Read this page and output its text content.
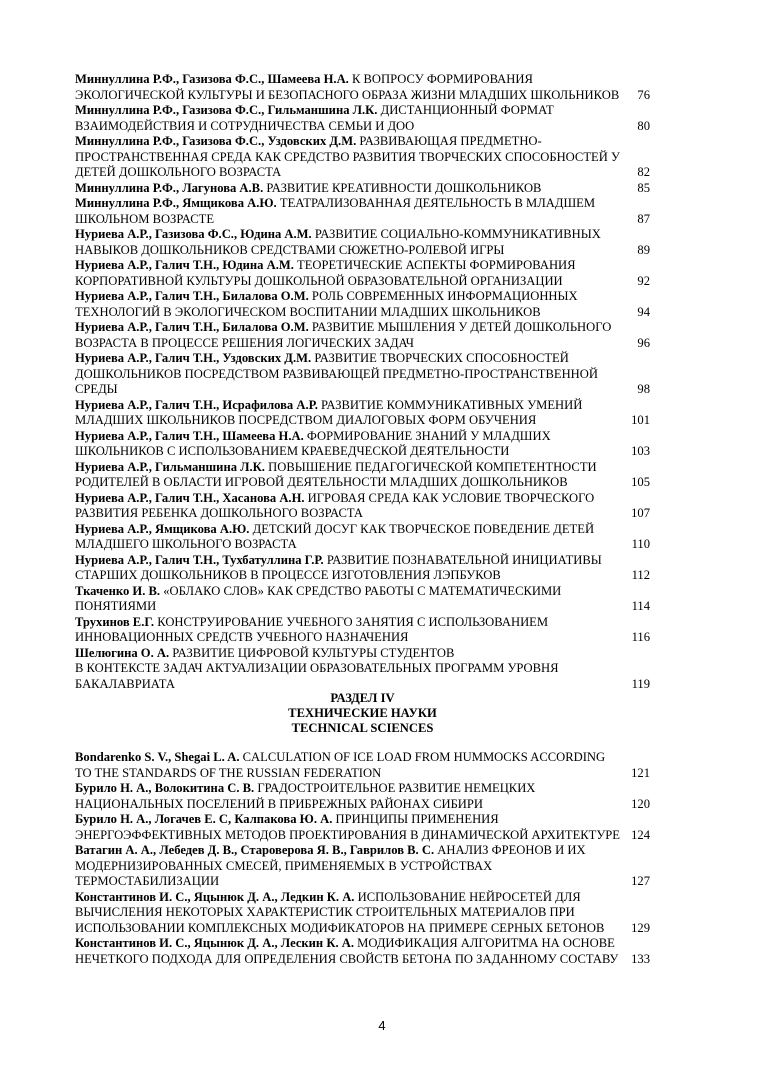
Миннуллина Р.Ф., Газизова Ф.С., Шамеева Н.А. К ВОПРОСУ ФОРМИРОВАНИЯ ЭКОЛОГИЧЕСКОЙ КУЛЬТУРЫ И БЕЗОПАСНОГО ОБРАЗА ЖИЗНИ МЛАДШИХ ШКОЛЬНИКОВ	76
Миннуллина Р.Ф., Газизова Ф.С., Гильманшина Л.К. ДИСТАНЦИОННЫЙ ФОРМАТ ВЗАИМОДЕЙСТВИЯ И СОТРУДНИЧЕСТВА СЕМЬИ И ДОО	80
Миннуллина Р.Ф., Газизова Ф.С., Уздовских Д.М. РАЗВИВАЮЩАЯ ПРЕДМЕТНО-ПРОСТРАНСТВЕННАЯ СРЕДА КАК СРЕДСТВО РАЗВИТИЯ ТВОРЧЕСКИХ СПОСОБНОСТЕЙ У ДЕТЕЙ ДОШКОЛЬНОГО ВОЗРАСТА	82
Миннуллина Р.Ф., Лагунова А.В. РАЗВИТИЕ КРЕАТИВНОСТИ ДОШКОЛЬНИКОВ	85
Миннуллина Р.Ф., Ямщикова А.Ю. ТЕАТРАЛИЗОВАННАЯ ДЕЯТЕЛЬНОСТЬ В МЛАДШЕМ ШКОЛЬНОМ ВОЗРАСТЕ	87
Нуриева А.Р., Газизова Ф.С., Юдина А.М. РАЗВИТИЕ СОЦИАЛЬНО-КОММУНИКАТИВНЫХ НАВЫКОВ ДОШКОЛЬНИКОВ СРЕДСТВАМИ СЮЖЕТНО-РОЛЕВОЙ ИГРЫ	89
Нуриева А.Р., Галич Т.Н., Юдина А.М. ТЕОРЕТИЧЕСКИЕ АСПЕКТЫ ФОРМИРОВАНИЯ КОРПОРАТИВНОЙ КУЛЬТУРЫ ДОШКОЛЬНОЙ ОБРАЗОВАТЕЛЬНОЙ ОРГАНИЗАЦИИ	92
Нуриева А.Р., Галич Т.Н., Билалова О.М. РОЛЬ СОВРЕМЕННЫХ ИНФОРМАЦИОННЫХ ТЕХНОЛОГИЙ В ЭКОЛОГИЧЕСКОМ ВОСПИТАНИИ МЛАДШИХ ШКОЛЬНИКОВ	94
Нуриева А.Р., Галич Т.Н., Билалова О.М. РАЗВИТИЕ МЫШЛЕНИЯ У ДЕТЕЙ ДОШКОЛЬНОГО ВОЗРАСТА В ПРОЦЕССЕ РЕШЕНИЯ ЛОГИЧЕСКИХ ЗАДАЧ	96
Нуриева А.Р., Галич Т.Н., Уздовских Д.М. РАЗВИТИЕ ТВОРЧЕСКИХ СПОСОБНОСТЕЙ ДОШКОЛЬНИКОВ ПОСРЕДСТВОМ РАЗВИВАЮЩЕЙ ПРЕДМЕТНО-ПРОСТРАНСТВЕННОЙ СРЕДЫ	98
Нуриева А.Р., Галич Т.Н., Исрафилова А.Р. РАЗВИТИЕ КОММУНИКАТИВНЫХ УМЕНИЙ МЛАДШИХ ШКОЛЬНИКОВ ПОСРЕДСТВОМ ДИАЛОГОВЫХ ФОРМ ОБУЧЕНИЯ	101
Нуриева А.Р., Галич Т.Н., Шамеева Н.А. ФОРМИРОВАНИЕ ЗНАНИЙ У МЛАДШИХ ШКОЛЬНИКОВ С ИСПОЛЬЗОВАНИЕМ КРАЕВЕДЧЕСКОЙ ДЕЯТЕЛЬНОСТИ	103
Нуриева А.Р., Гильманшина Л.К. ПОВЫШЕНИЕ ПЕДАГОГИЧЕСКОЙ КОМПЕТЕНТНОСТИ РОДИТЕЛЕЙ В ОБЛАСТИ ИГРОВОЙ ДЕЯТЕЛЬНОСТИ МЛАДШИХ ДОШКОЛЬНИКОВ	105
Нуриева А.Р., Галич Т.Н., Хасанова А.Н. ИГРОВАЯ СРЕДА КАК УСЛОВИЕ ТВОРЧЕСКОГО РАЗВИТИЯ РЕБЕНКА ДОШКОЛЬНОГО ВОЗРАСТА	107
Нуриева А.Р., Ямщикова А.Ю. ДЕТСКИЙ ДОСУГ КАК ТВОРЧЕСКОЕ ПОВЕДЕНИЕ ДЕТЕЙ МЛАДШЕГО ШКОЛЬНОГО ВОЗРАСТА	110
Нуриева А.Р., Галич Т.Н., Тухбатуллина Г.Р. РАЗВИТИЕ ПОЗНАВАТЕЛЬНОЙ ИНИЦИАТИВЫ СТАРШИХ ДОШКОЛЬНИКОВ В ПРОЦЕССЕ ИЗГОТОВЛЕНИЯ ЛЭПБУКОВ	112
Ткаченко И. В. «ОБЛАКО СЛОВ» КАК СРЕДСТВО РАБОТЫ С МАТЕМАТИЧЕСКИМИ ПОНЯТИЯМИ	114
Трухинов Е.Г. КОНСТРУИРОВАНИЕ УЧЕБНОГО ЗАНЯТИЯ С ИСПОЛЬЗОВАНИЕМ ИННОВАЦИОННЫХ СРЕДСТВ УЧЕБНОГО НАЗНАЧЕНИЯ	116
Шелюгина О. А. РАЗВИТИЕ ЦИФРОВОЙ КУЛЬТУРЫ СТУДЕНТОВ
В КОНТЕКСТЕ ЗАДАЧ АКТУАЛИЗАЦИИ ОБРАЗОВАТЕЛЬНЫХ ПРОГРАММ УРОВНЯ БАКАЛАВРИАТА	119
РАЗДЕЛ IV
ТЕХНИЧЕСКИЕ НАУКИ
TECHNICAL SCIENCES
Bondarenko S. V., Shegai L. A. CALCULATION OF ICE LOAD FROM HUMMOCKS ACCORDING TO THE STANDARDS OF THE RUSSIAN FEDERATION	121
Бурило Н. А., Волокитина С. В. ГРАДОСТРОИТЕЛЬНОЕ РАЗВИТИЕ НЕМЕЦКИХ НАЦИОНАЛЬНЫХ ПОСЕЛЕНИЙ В ПРИБРЕЖНЫХ РАЙОНАХ СИБИРИ	120
Бурило Н. А., Логачев Е. С, Калпакова Ю. А. ПРИНЦИПЫ ПРИМЕНЕНИЯ ЭНЕРГОЭФФЕКТИВНЫХ МЕТОДОВ ПРОЕКТИРОВАНИЯ В ДИНАМИЧЕСКОЙ АРХИТЕКТУРЕ 124
Ватагин А. А., Лебедев Д. В., Староверова Я. В., Гаврилов В. С. АНАЛИЗ ФРЕОНОВ И ИХ МОДЕРНИЗИРОВАННЫХ СМЕСЕЙ, ПРИМЕНЯЕМЫХ В УСТРОЙСТВАХ ТЕРМОСТАБИЛИЗАЦИИ	127
Константинов И. С., Яцынюк Д. А., Ледкин К. А. ИСПОЛЬЗОВАНИЕ НЕЙРОСЕТЕЙ ДЛЯ ВЫЧИСЛЕНИЯ НЕКОТОРЫХ ХАРАКТЕРИСТИК СТРОИТЕЛЬНЫХ МАТЕРИАЛОВ ПРИ ИСПОЛЬЗОВАНИИ КОМПЛЕКСНЫХ МОДИФИКАТОРОВ НА ПРИМЕРЕ СЕРНЫХ БЕТОНОВ	129
Константинов И. С., Яцынюк Д. А., Лескин К. А. МОДИФИКАЦИЯ АЛГОРИТМА НА ОСНОВЕ НЕЧЕТКОГО ПОДХОДА ДЛЯ ОПРЕДЕЛЕНИЯ СВОЙСТВ БЕТОНА ПО ЗАДАННОМУ СОСТАВУ	133
4
